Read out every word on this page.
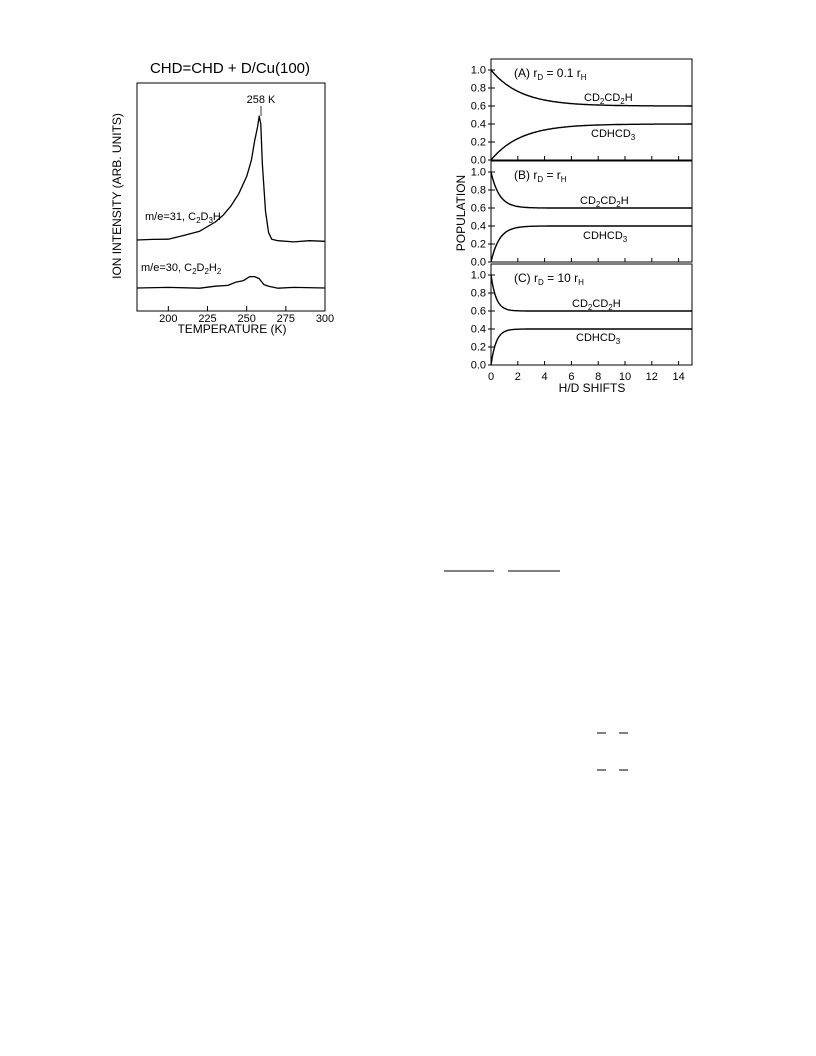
CHD=CHD + D/Cu(100)
200 225 250 275 300
TEMPERATURE (K)
ION INTENSITY (ARB. UNITS)
258 K
m/e=31, $C_2D_3H$
m/e=30, $C_2D_2H_2$
POPULATION
H/D SHIFTS
0.0
0.2
0.4
0.6
0.8
1.0
0.0
0.2
0.4
0.6
0.8
1.0
0.0
0.2
0.4
0.6
0.8
1.0
0 2 4 6 8 10 12 14
(A) $r_D = 0.1$ $r_H$
(B) $r_D = r_H$
(C) $r_D = 10$ $r_H$
$CD_2CD_2H$
$CDHCD_3$
$CD_2CD_2H$
$CDHCD_3$
$CD_2CD_2H$
$CDHCD_3$
